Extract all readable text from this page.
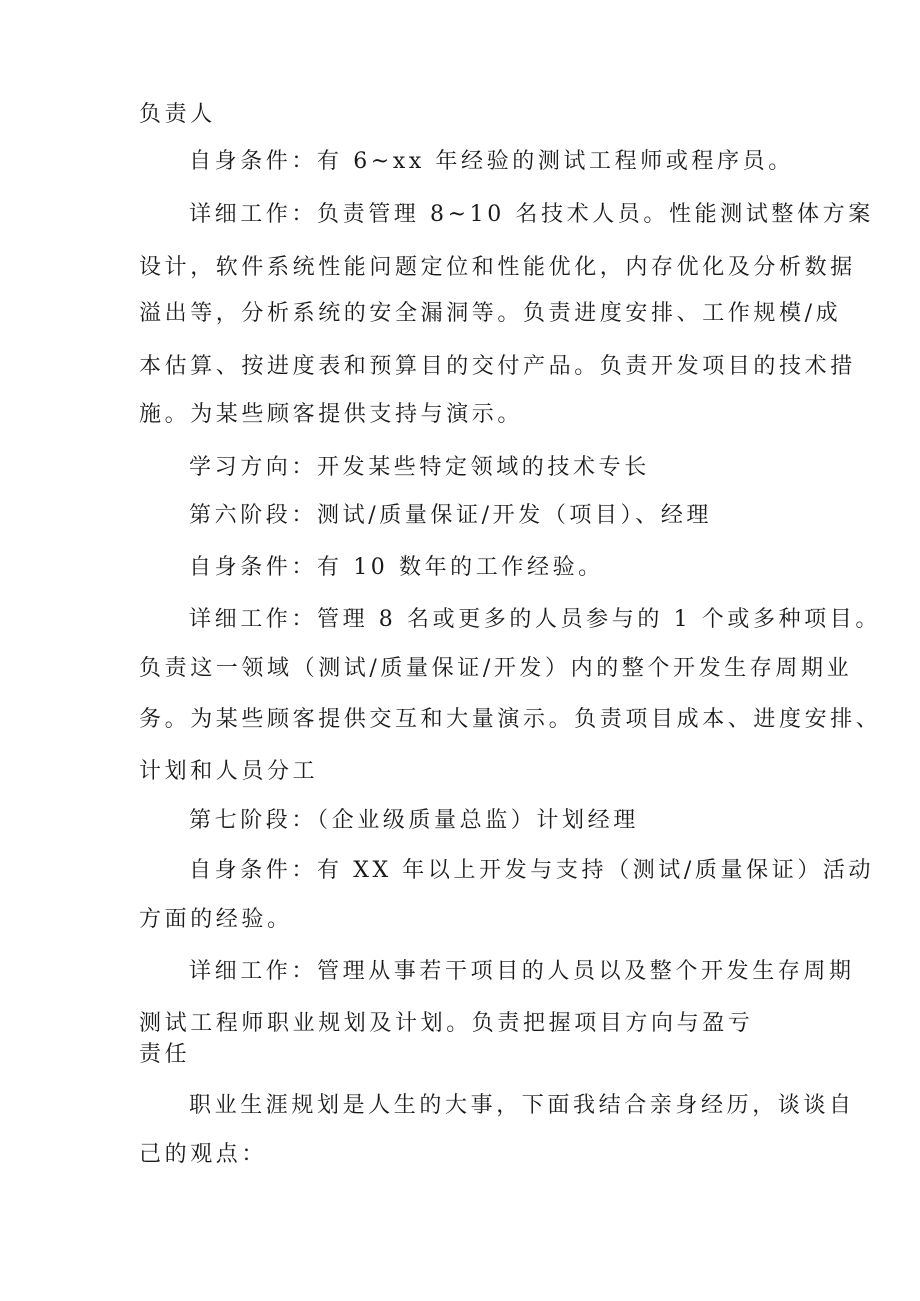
负责人
自身条件：有 6~xx 年经验的测试工程师或程序员。
详细工作：负责管理 8~10 名技术人员。性能测试整体方案
设计，软件系统性能问题定位和性能优化，内存优化及分析数据
溢出等，分析系统的安全漏洞等。负责进度安排、工作规模/成
本估算、按进度表和预算目的交付产品。负责开发项目的技术措
施。为某些顾客提供支持与演示。
学习方向：开发某些特定领域的技术专长
第六阶段：测试/质量保证/开发（项目）、经理
自身条件：有 10 数年的工作经验。
详细工作：管理 8 名或更多的人员参与的 1 个或多种项目。
负责这一领域（测试/质量保证/开发）内的整个开发生存周期业
务。为某些顾客提供交互和大量演示。负责项目成本、进度安排、
计划和人员分工
第七阶段：（企业级质量总监）计划经理
自身条件：有 XX 年以上开发与支持（测试/质量保证）活动
方面的经验。
详细工作：管理从事若干项目的人员以及整个开发生存周期
测试工程师职业规划及计划。负责把握项目方向与盈亏
责任
职业生涯规划是人生的大事，下面我结合亲身经历，谈谈自
己的观点：
